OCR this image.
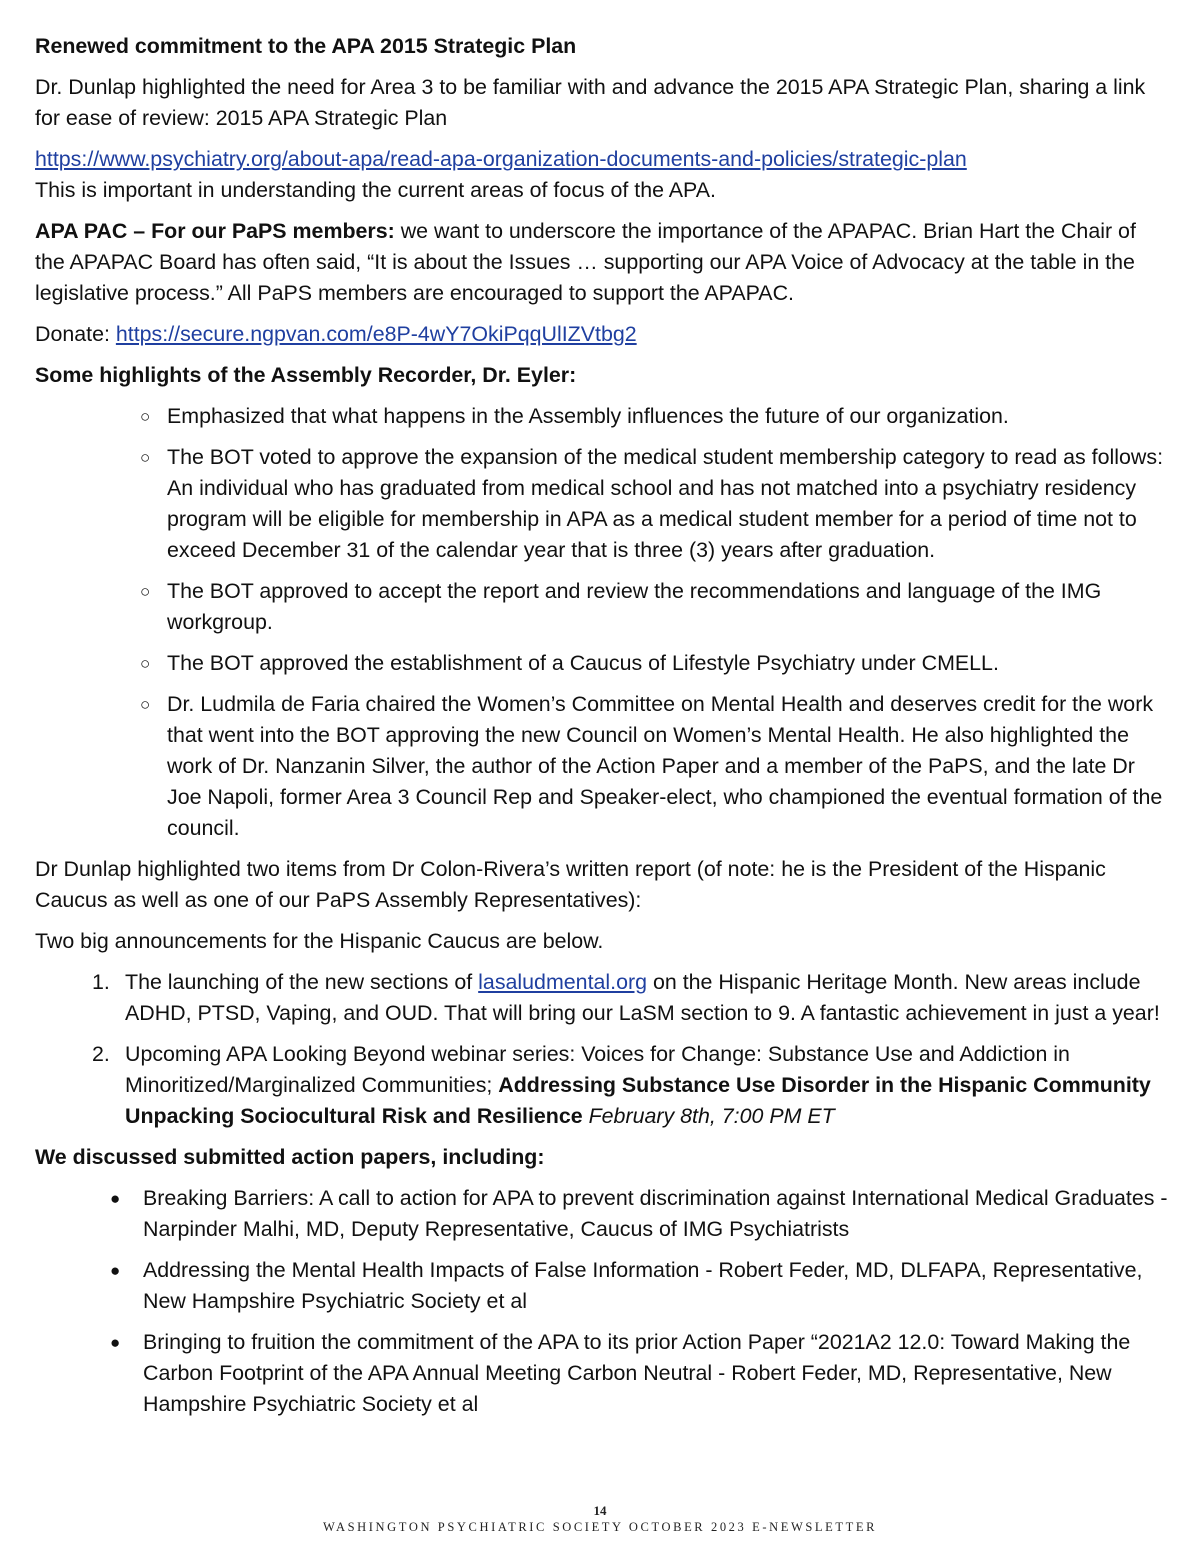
Renewed commitment to the APA 2015 Strategic Plan

Dr. Dunlap highlighted the need for Area 3 to be familiar with and advance the 2015 APA Strategic Plan, sharing a link for ease of review: 2015 APA Strategic Plan

https://www.psychiatry.org/about-apa/read-apa-organization-documents-and-policies/strategic-plan
This is important in understanding the current areas of focus of the APA.

APA PAC – For our PaPS members: we want to underscore the importance of the APAPAC. Brian Hart the Chair of the APAPAC Board has often said, “It is about the Issues … supporting our APA Voice of Advocacy at the table in the legislative process.” All PaPS members are encouraged to support the APAPAC.

Donate: https://secure.ngpvan.com/e8P-4wY7OkiPqqUlIZVtbg2

Some highlights of the Assembly Recorder, Dr. Eyler:

○ Emphasized that what happens in the Assembly influences the future of our organization.
○ The BOT voted to approve the expansion of the medical student membership category to read as follows: An individual who has graduated from medical school and has not matched into a psychiatry residency program will be eligible for membership in APA as a medical student member for a period of time not to exceed December 31 of the calendar year that is three (3) years after graduation.
○ The BOT approved to accept the report and review the recommendations and language of the IMG workgroup.
○ The BOT approved the establishment of a Caucus of Lifestyle Psychiatry under CMELL.
○ Dr. Ludmila de Faria chaired the Women’s Committee on Mental Health and deserves credit for the work that went into the BOT approving the new Council on Women’s Mental Health. He also highlighted the work of Dr. Nanzanin Silver, the author of the Action Paper and a member of the PaPS, and the late Dr Joe Napoli, former Area 3 Council Rep and Speaker-elect, who championed the eventual formation of the council.

Dr Dunlap highlighted two items from Dr Colon-Rivera’s written report (of note: he is the President of the Hispanic Caucus as well as one of our PaPS Assembly Representatives):

Two big announcements for the Hispanic Caucus are below.

1. The launching of the new sections of lasaludmental.org on the Hispanic Heritage Month. New areas include ADHD, PTSD, Vaping, and OUD. That will bring our LaSM section to 9. A fantastic achievement in just a year!
2. Upcoming APA Looking Beyond webinar series: Voices for Change: Substance Use and Addiction in Minoritized/Marginalized Communities; Addressing Substance Use Disorder in the Hispanic Community Unpacking Sociocultural Risk and Resilience February 8th, 7:00 PM ET

We discussed submitted action papers, including:

● Breaking Barriers: A call to action for APA to prevent discrimination against International Medical Graduates - Narpinder Malhi, MD, Deputy Representative, Caucus of IMG Psychiatrists
● Addressing the Mental Health Impacts of False Information - Robert Feder, MD, DLFAPA, Representative, New Hampshire Psychiatric Society et al
● Bringing to fruition the commitment of the APA to its prior Action Paper “2021A2 12.0: Toward Making the Carbon Footprint of the APA Annual Meeting Carbon Neutral - Robert Feder, MD, Representative, New Hampshire Psychiatric Society et al
14
WASHINGTON PSYCHIATRIC SOCIETY OCTOBER 2023 E-NEWSLETTER
